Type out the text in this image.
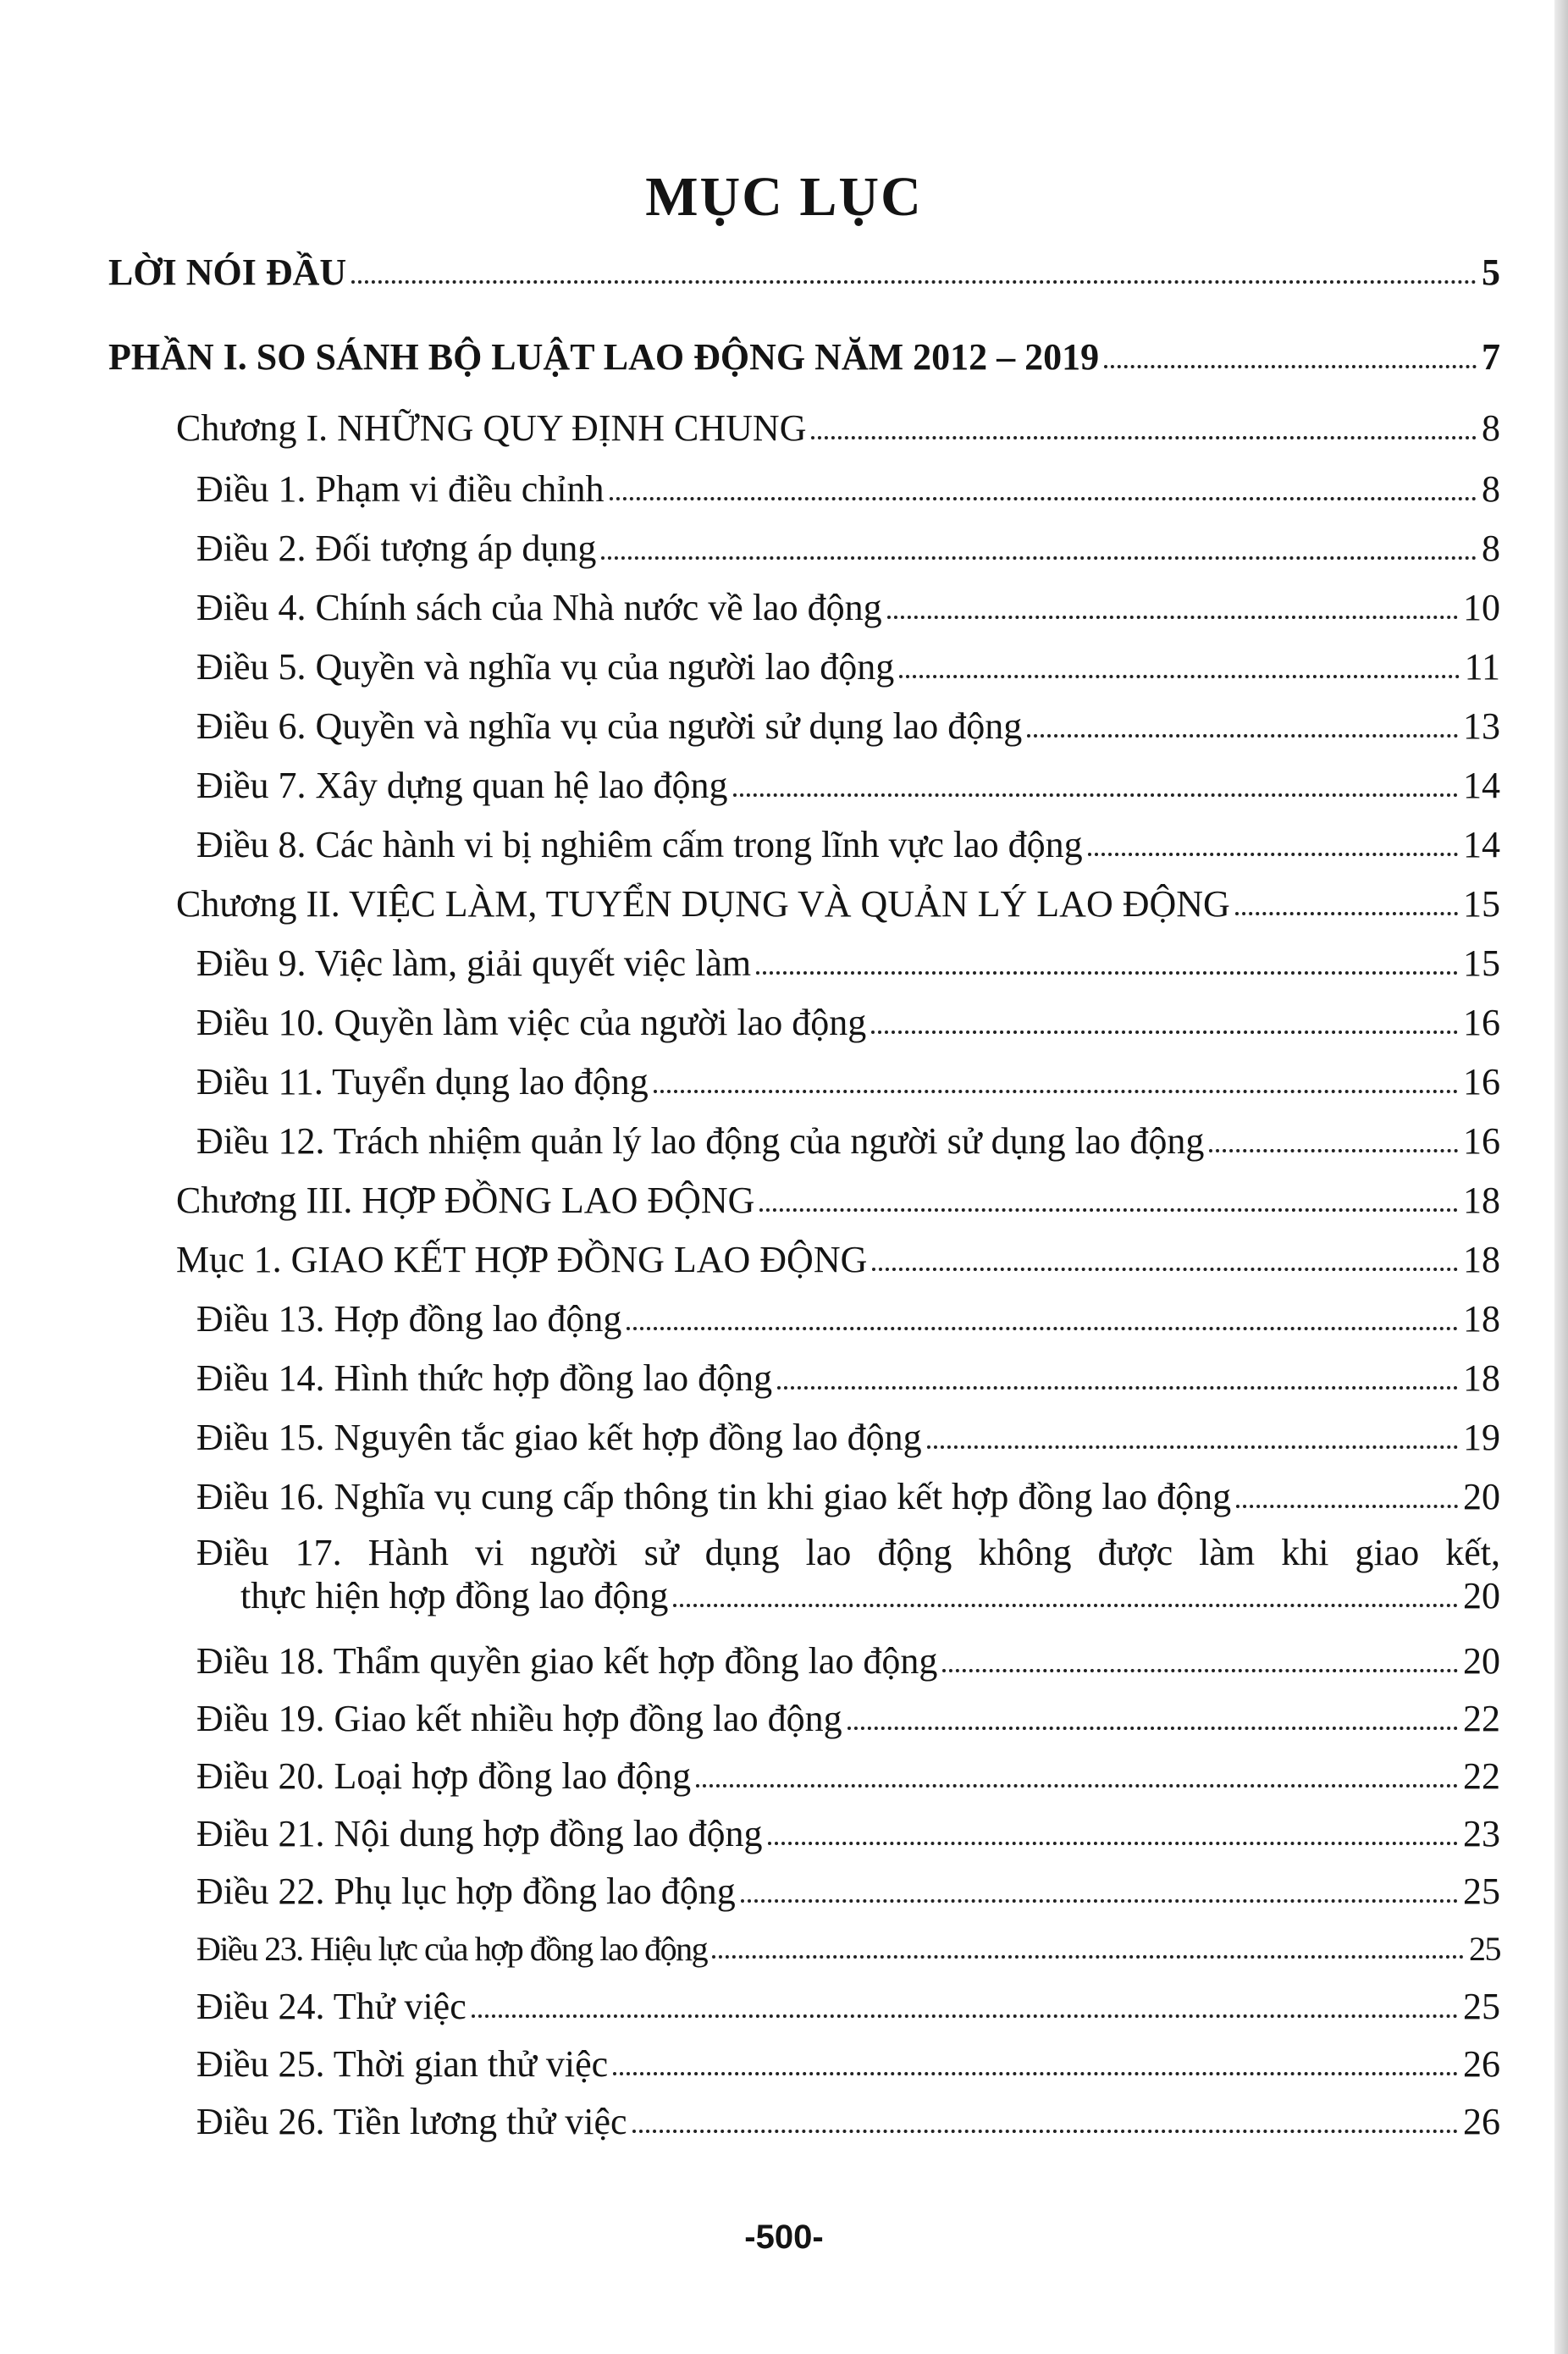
MỤC LỤC
LỜI NÓI ĐẦU	5
PHẦN I. SO SÁNH BỘ LUẬT LAO ĐỘNG NĂM 2012 – 2019	7
Chương I. NHỮNG QUY ĐỊNH CHUNG	8
Điều 1. Phạm vi điều chỉnh	8
Điều 2. Đối tượng áp dụng	8
Điều 4. Chính sách của Nhà nước về lao động	10
Điều 5. Quyền và nghĩa vụ của người lao động	11
Điều 6. Quyền và nghĩa vụ của người sử dụng lao động	13
Điều 7. Xây dựng quan hệ lao động	14
Điều 8. Các hành vi bị nghiêm cấm trong lĩnh vực lao động	14
Chương II. VIỆC LÀM, TUYỂN DỤNG VÀ QUẢN LÝ LAO ĐỘNG	15
Điều 9. Việc làm, giải quyết việc làm	15
Điều 10. Quyền làm việc của người lao động	16
Điều 11. Tuyển dụng lao động	16
Điều 12. Trách nhiệm quản lý lao động của người sử dụng lao động	16
Chương III. HỢP ĐỒNG LAO ĐỘNG	18
Mục 1. GIAO KẾT HỢP ĐỒNG LAO ĐỘNG	18
Điều 13. Hợp đồng lao động	18
Điều 14. Hình thức hợp đồng lao động	18
Điều 15. Nguyên tắc giao kết hợp đồng lao động	19
Điều 16. Nghĩa vụ cung cấp thông tin khi giao kết hợp đồng lao động	20
Điều 17. Hành vi người sử dụng lao động không được làm khi giao kết,
thực hiện hợp đồng lao động	20
Điều 18. Thẩm quyền giao kết hợp đồng lao động	20
Điều 19. Giao kết nhiều hợp đồng lao động	22
Điều 20. Loại hợp đồng lao động	22
Điều 21. Nội dung hợp đồng lao động	23
Điều 22. Phụ lục hợp đồng lao động	25
Điều 23. Hiệu lực của hợp đồng lao động	25
Điều 24. Thử việc	25
Điều 25. Thời gian thử việc	26
Điều 26. Tiền lương thử việc	26
-500-
